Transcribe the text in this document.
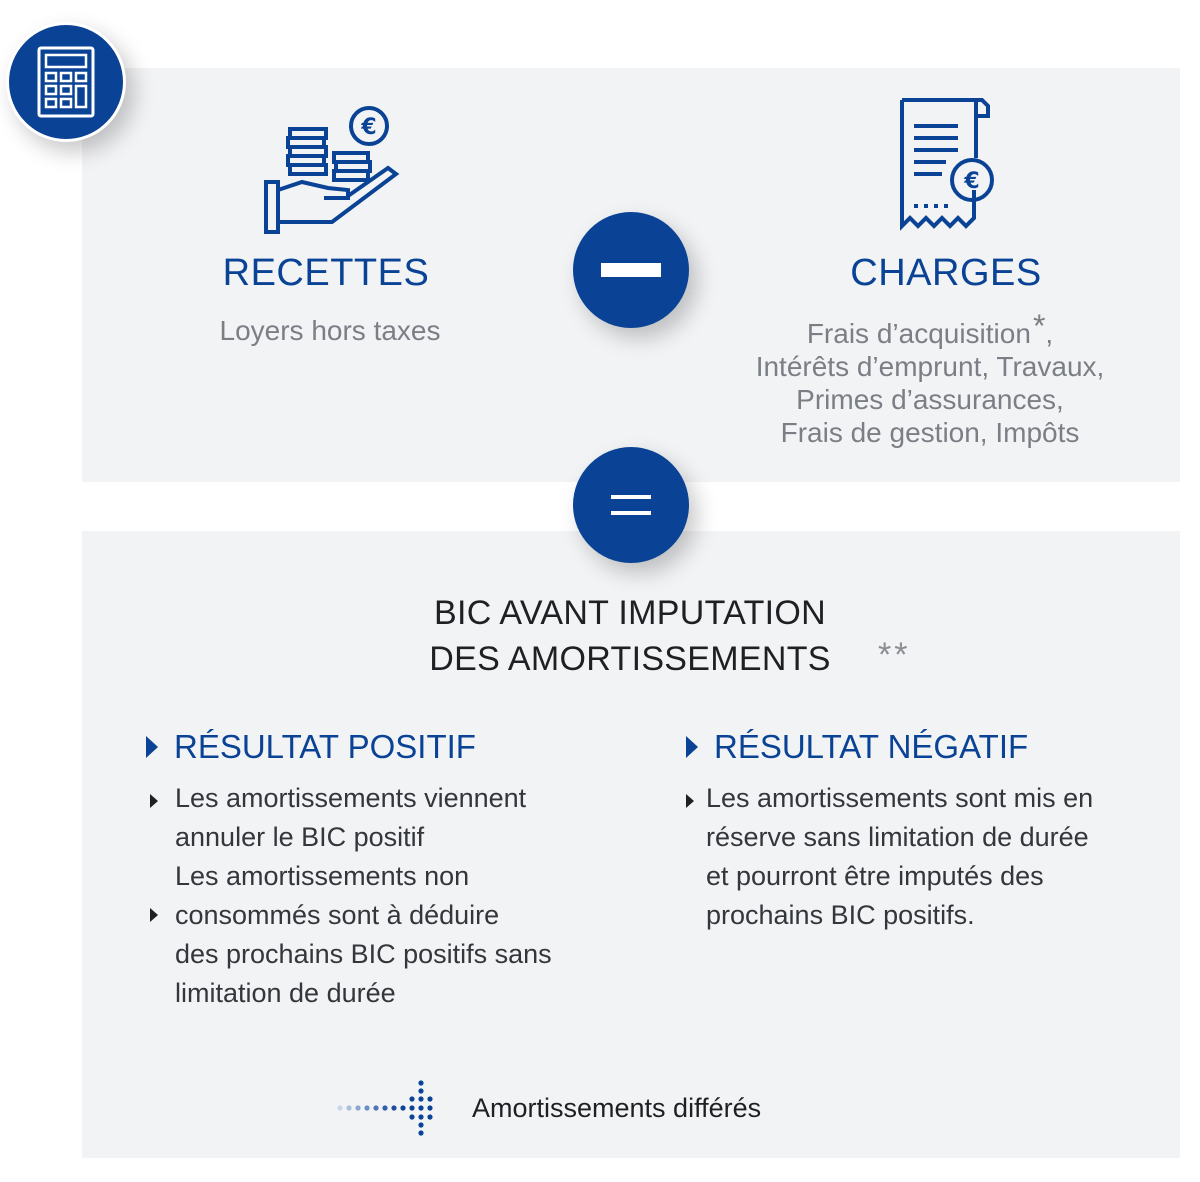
€
RECETTES
Loyers hors taxes
€
CHARGES
Frais d’acquisition*,
Intérêts d’emprunt, Travaux,
Primes d’assurances,
Frais de gestion, Impôts
BIC AVANT IMPUTATION
DES AMORTISSEMENTS	**
RÉSULTAT POSITIF
Les amortissements viennent
annuler le BIC positif
Les amortissements non
consommés sont à déduire
des prochains BIC positifs sans
limitation de durée
RÉSULTAT NÉGATIF
Les amortissements sont mis en
réserve sans limitation de durée
et pourront être imputés des
prochains BIC positifs.
Amortissements différés
